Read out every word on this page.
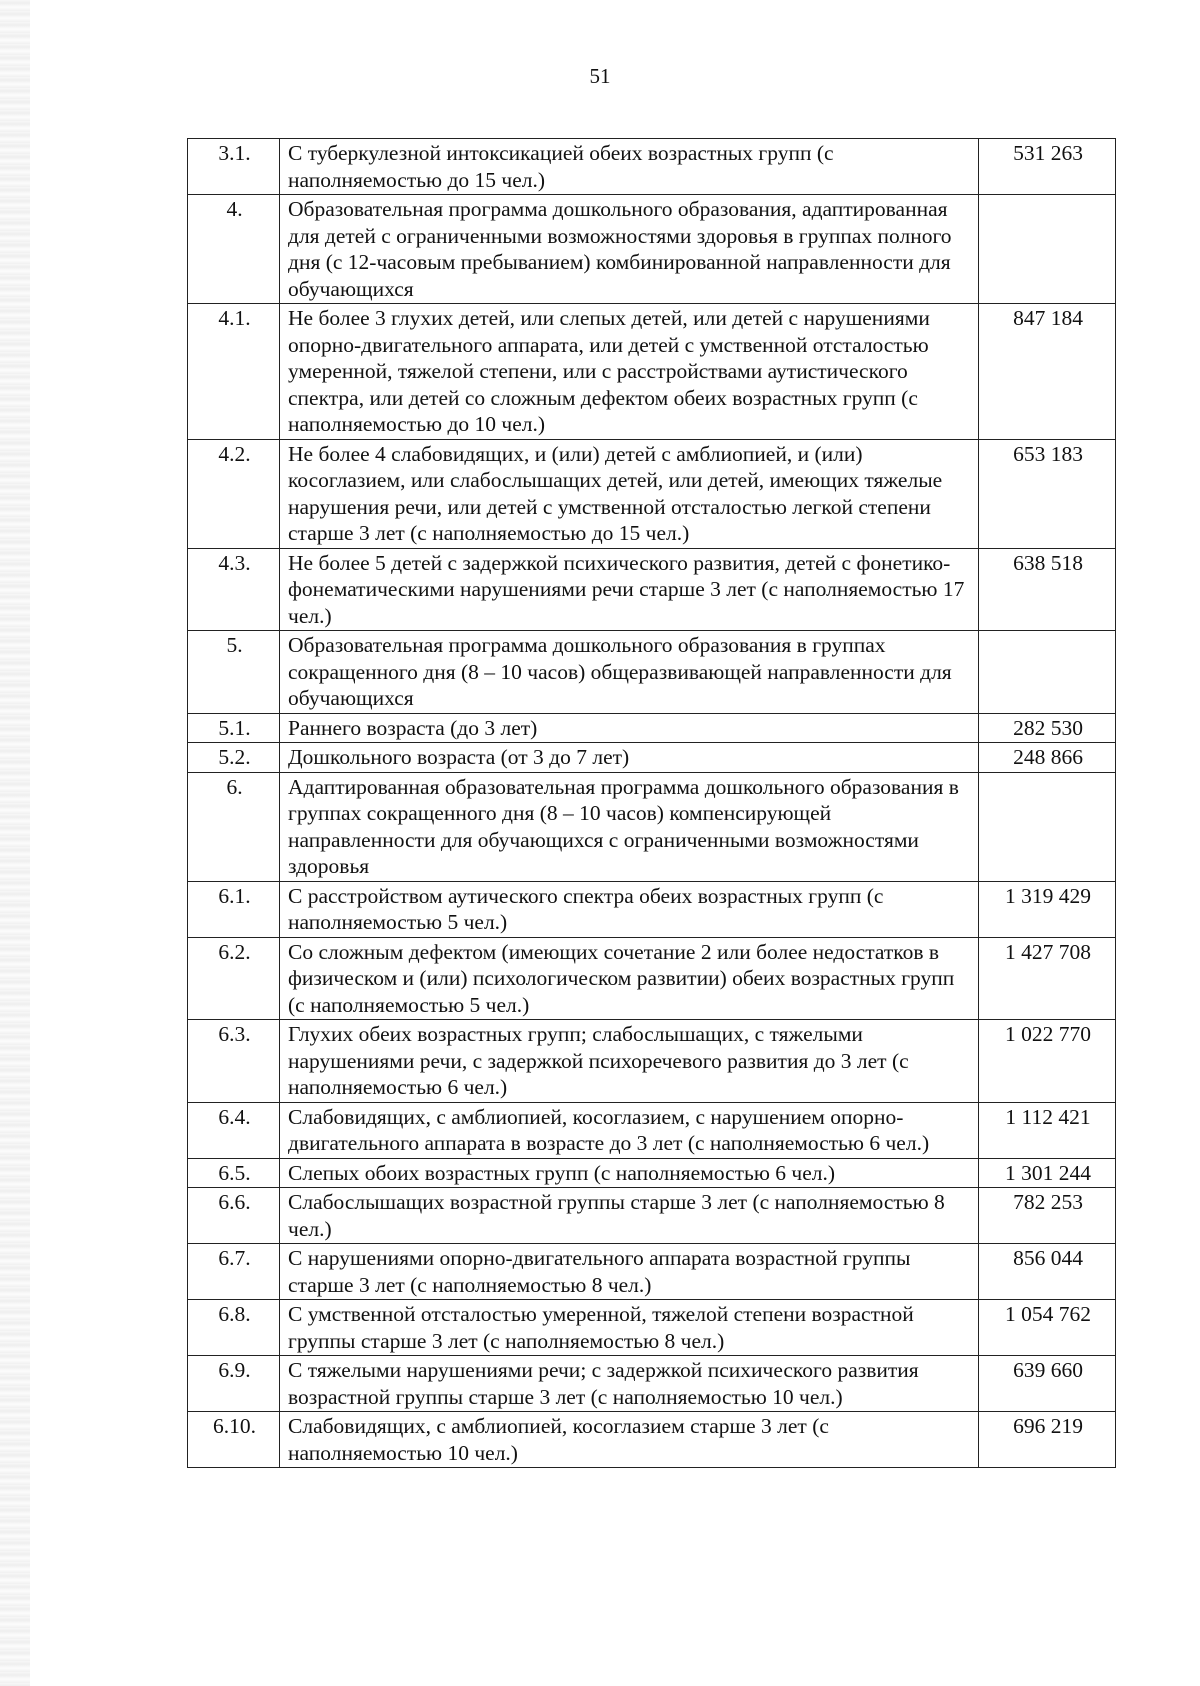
51
3.1.	С туберкулезной интоксикацией обеих возрастных групп (с наполняемостью до 15 чел.)	531 263
4.	Образовательная программа дошкольного образования, адаптированная для детей с ограниченными возможностями здоровья в группах полного дня (с 12-часовым пребыванием) комбинированной направленности для обучающихся	
4.1.	Не более 3 глухих детей, или слепых детей, или детей с нарушениями опорно-двигательного аппарата, или детей с умственной отсталостью умеренной, тяжелой степени, или с расстройствами аутистического спектра, или детей со сложным дефектом обеих возрастных групп (с наполняемостью до 10 чел.)	847 184
4.2.	Не более 4 слабовидящих, и (или) детей с амблиопией, и (или) косоглазием, или слабослышащих детей, или детей, имеющих тяжелые нарушения речи, или детей с умственной отсталостью легкой степени старше 3 лет (с наполняемостью до 15 чел.)	653 183
4.3.	Не более 5 детей с задержкой психического развития, детей с фонетико-фонематическими нарушениями речи старше 3 лет (с наполняемостью 17 чел.)	638 518
5.	Образовательная программа дошкольного образования в группах сокращенного дня (8 – 10 часов) общеразвивающей направленности для обучающихся	
5.1.	Раннего возраста (до 3 лет)	282 530
5.2.	Дошкольного возраста (от 3 до 7 лет)	248 866
6.	Адаптированная образовательная программа дошкольного образования в группах сокращенного дня (8 – 10 часов) компенсирующей направленности для обучающихся с ограниченными возможностями здоровья	
6.1.	С расстройством аутического спектра обеих возрастных групп (с наполняемостью 5 чел.)	1 319 429
6.2.	Со сложным дефектом (имеющих сочетание 2 или более недостатков в физическом и (или) психологическом развитии) обеих возрастных групп (с наполняемостью 5 чел.)	1 427 708
6.3.	Глухих обеих возрастных групп; слабослышащих, с тяжелыми нарушениями речи, с задержкой психоречевого развития до 3 лет (с наполняемостью 6 чел.)	1 022 770
6.4.	Слабовидящих, с амблиопией, косоглазием, с нарушением опорно-двигательного аппарата в возрасте до 3 лет (с наполняемостью 6 чел.)	1 112 421
6.5.	Слепых обоих возрастных групп (с наполняемостью 6 чел.)	1 301 244
6.6.	Слабослышащих возрастной группы старше 3 лет (с наполняемостью 8 чел.)	782 253
6.7.	С нарушениями опорно-двигательного аппарата возрастной группы старше 3 лет (с наполняемостью 8 чел.)	856 044
6.8.	С умственной отсталостью умеренной, тяжелой степени возрастной группы старше 3 лет (с наполняемостью 8 чел.)	1 054 762
6.9.	С тяжелыми нарушениями речи; с задержкой психического развития возрастной группы старше 3 лет (с наполняемостью 10 чел.)	639 660
6.10.	Слабовидящих, с амблиопией, косоглазием старше 3 лет (с наполняемостью 10 чел.)	696 219
